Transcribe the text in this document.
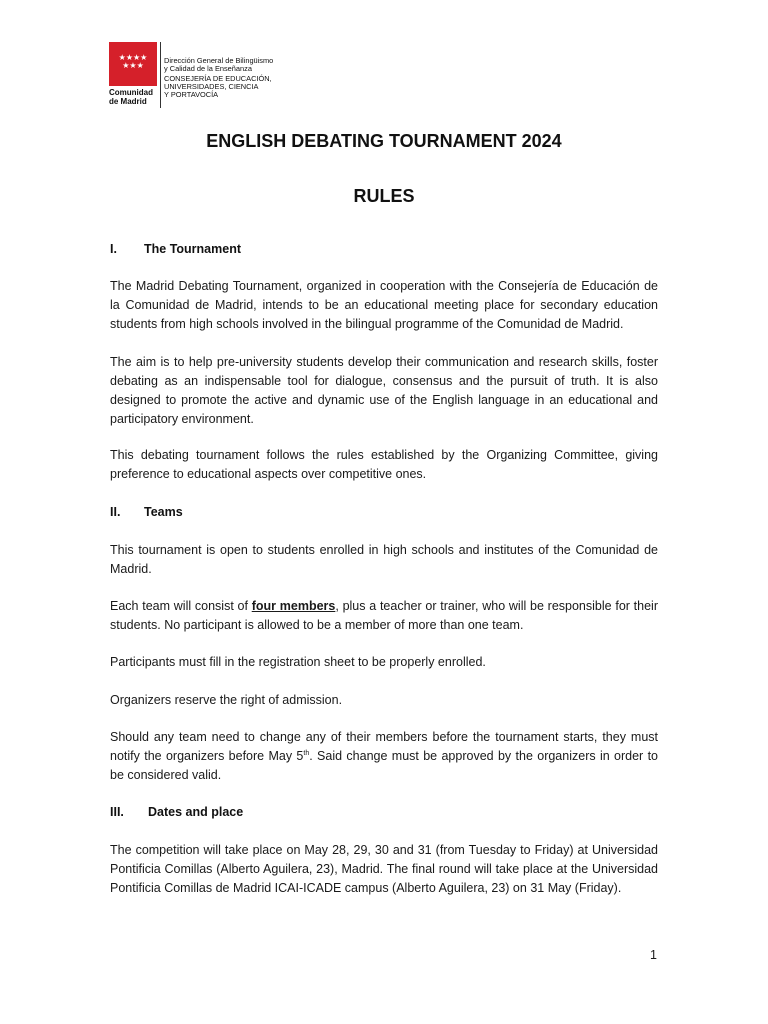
★★★★ ★★★
Comunidad de Madrid
Dirección General de Bilingüismo
y Calidad de la Enseñanza
CONSEJERÍA DE EDUCACIÓN,
UNIVERSIDADES, CIENCIA
Y PORTAVOCÍA
ENGLISH DEBATING TOURNAMENT 2024
RULES
I. The Tournament
The Madrid Debating Tournament, organized in cooperation with the Consejería de Educación de la Comunidad de Madrid, intends to be an educational meeting place for secondary education students from high schools involved in the bilingual programme of the Comunidad de Madrid.
The aim is to help pre-university students develop their communication and research skills, foster debating as an indispensable tool for dialogue, consensus and the pursuit of truth. It is also designed to promote the active and dynamic use of the English language in an educational and participatory environment.
This debating tournament follows the rules established by the Organizing Committee, giving preference to educational aspects over competitive ones.
II. Teams
This tournament is open to students enrolled in high schools and institutes of the Comunidad de Madrid.
Each team will consist of four members, plus a teacher or trainer, who will be responsible for their students. No participant is allowed to be a member of more than one team.
Participants must fill in the registration sheet to be properly enrolled.
Organizers reserve the right of admission.
Should any team need to change any of their members before the tournament starts, they must notify the organizers before May 5th. Said change must be approved by the organizers in order to be considered valid.
III. Dates and place
The competition will take place on May 28, 29, 30 and 31 (from Tuesday to Friday) at Universidad Pontificia Comillas (Alberto Aguilera, 23), Madrid. The final round will take place at the Universidad Pontificia Comillas de Madrid ICAI-ICADE campus (Alberto Aguilera, 23) on 31 May (Friday).
1
